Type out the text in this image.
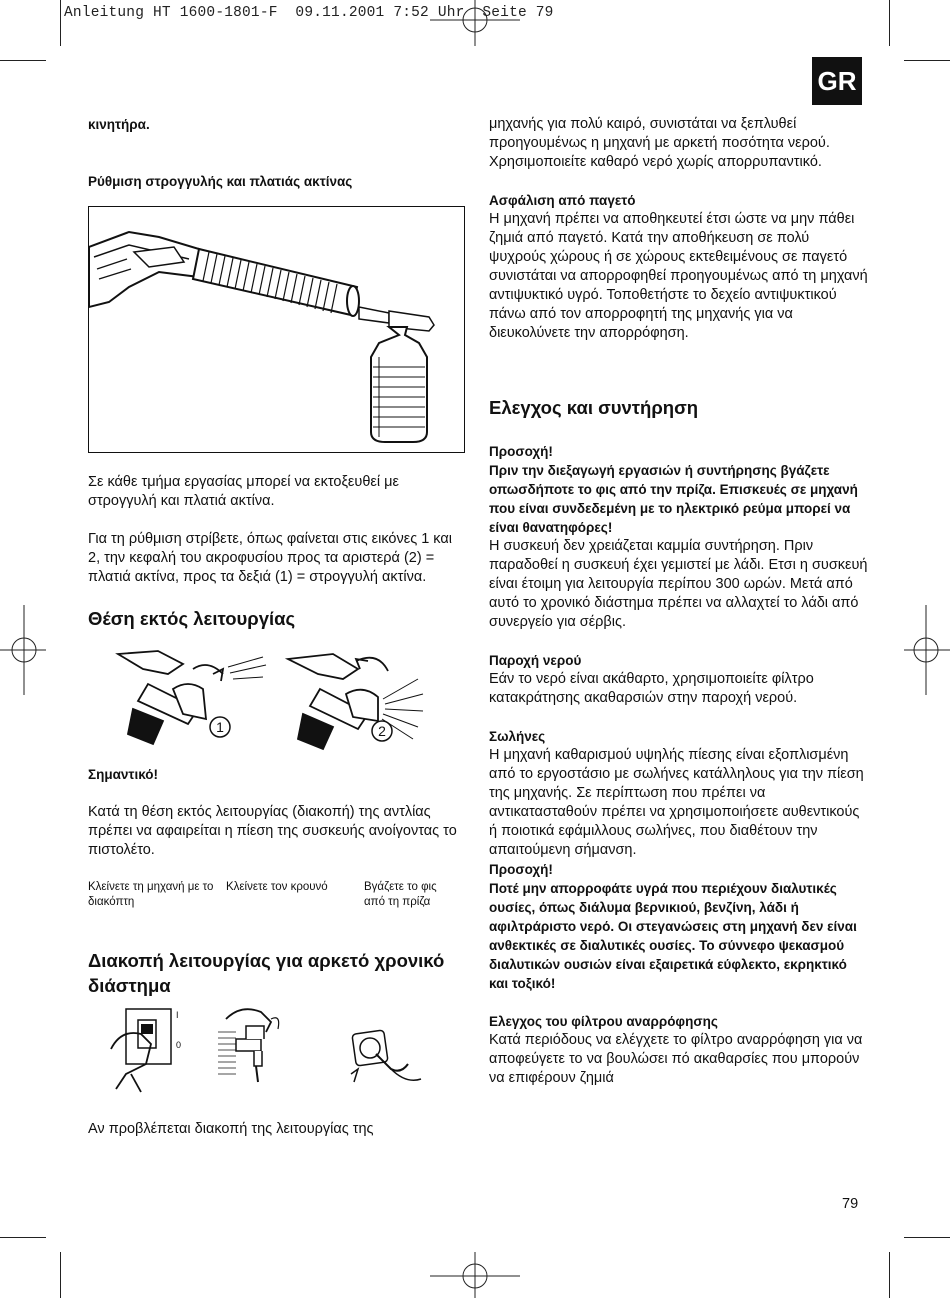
Anleitung HT 1600-1801-F  09.11.2001 7:52 Uhr  Seite 79
GR

κινητήρα.

Ρύθμιση στρογγυλής και πλατιάς ακτίνας

Σε κάθε τμήμα εργασίας μπορεί να εκτοξευθεί με στρογγυλή και πλατιά ακτίνα.

Για τη ρύθμιση στρίβετε, όπως φαίνεται στις εικόνες 1 και 2, την κεφαλή του ακροφυσίου προς τα αριστερά (2) = πλατιά ακτίνα, προς τα δεξιά (1) = στρογγυλή ακτίνα.

Θέση εκτός λειτουργίας
1	2

Σημαντικό!

Κατά τη θέση εκτός λειτουργίας (διακοπή) της αντλίας πρέπει να αφαιρείται η πίεση της συσκευής ανοίγοντας το πιστολέτο.

Κλείνετε τη μηχανή με το διακόπτη
Κλείνετε τον κρουνό	Βγάζετε το φις από τη πρίζα
Διακοπή λειτουργίας για αρκετό χρονικό διάστημα
I
0

Αν προβλέπεται διακοπή της λειτουργίας της

μηχανής για πολύ καιρό, συνιστάται να ξεπλυθεί προηγουμένως η μηχανή με αρκετή ποσότητα νερού. Χρησιμοποιείτε καθαρό νερό χωρίς απορρυπαντικό.

Ασφάλιση από παγετό

Η μηχανή πρέπει να αποθηκευτεί έτσι ώστε να μην πάθει ζημιά από παγετό. Κατά την αποθήκευση σε πολύ ψυχρούς χώρους ή σε χώρους εκτεθειμένους σε παγετό συνιστάται να απορροφηθεί προηγουμένως από τη μηχανή αντιψυκτικό υγρό. Τοποθετήστε το δεχείο αντιψυκτικού πάνω από τον απορροφητή της μηχανής για να διευκολύνετε την απορρόφηση.

Ελεγχος και συντήρηση

Προσοχή!

Πριν την διεξαγωγή εργασιών ή συντήρησης βγάζετε οπωσδήποτε το φις από την πρίζα. Επισκευές σε μηχανή που είναι συνδεδεμένη με το ηλεκτρικό ρεύμα μπορεί να είναι θανατηφόρες!

Η συσκευή δεν χρειάζεται καμμία συντήρηση. Πριν παραδοθεί η συσκευή έχει γεμιστεί με λάδι. Ετσι η συσκευή είναι έτοιμη για λειτουργία περίπου 300 ωρών. Μετά από αυτό το χρονικό διάστημα πρέπει να αλλαχτεί το λάδι από συνεργείο για σέρβις.

Παροχή νερού

Εάν το νερό είναι ακάθαρτο, χρησιμοποιείτε φίλτρο κατακράτησης ακαθαρσιών στην παροχή νερού.

Σωλήνες

Η μηχανή καθαρισμού υψηλής πίεσης είναι εξοπλισμένη από το εργοστάσιο με σωλήνες κατάλληλους για την πίεση της μηχανής. Σε περίπτωση που πρέπει να αντικατασταθούν πρέπει να χρησιμοποιήσετε αυθεντικούς ή ποιοτικά εφάμιλλους σωλήνες, που διαθέτουν την απαιτούμενη σήμανση.

Προσοχή!

Ποτέ μην απορροφάτε υγρά που περιέχουν διαλυτικές ουσίες, όπως διάλυμα βερνικιού, βενζίνη, λάδι ή αφιλτράριστο νερό. Οι στεγανώσεις στη μηχανή δεν είναι ανθεκτικές σε διαλυτικές ουσίες. Το σύννεφο ψεκασμού διαλυτικών ουσιών είναι εξαιρετικά εύφλεκτο, εκρηκτικό και τοξικό!

Ελεγχος του φίλτρου αναρρόφησης

Κατά περιόδους να ελέγχετε το φίλτρο αναρρόφηση για να αποφεύγετε το να βουλώσει πό ακαθαρσίες που μπορούν να επιφέρουν ζημιά

79
